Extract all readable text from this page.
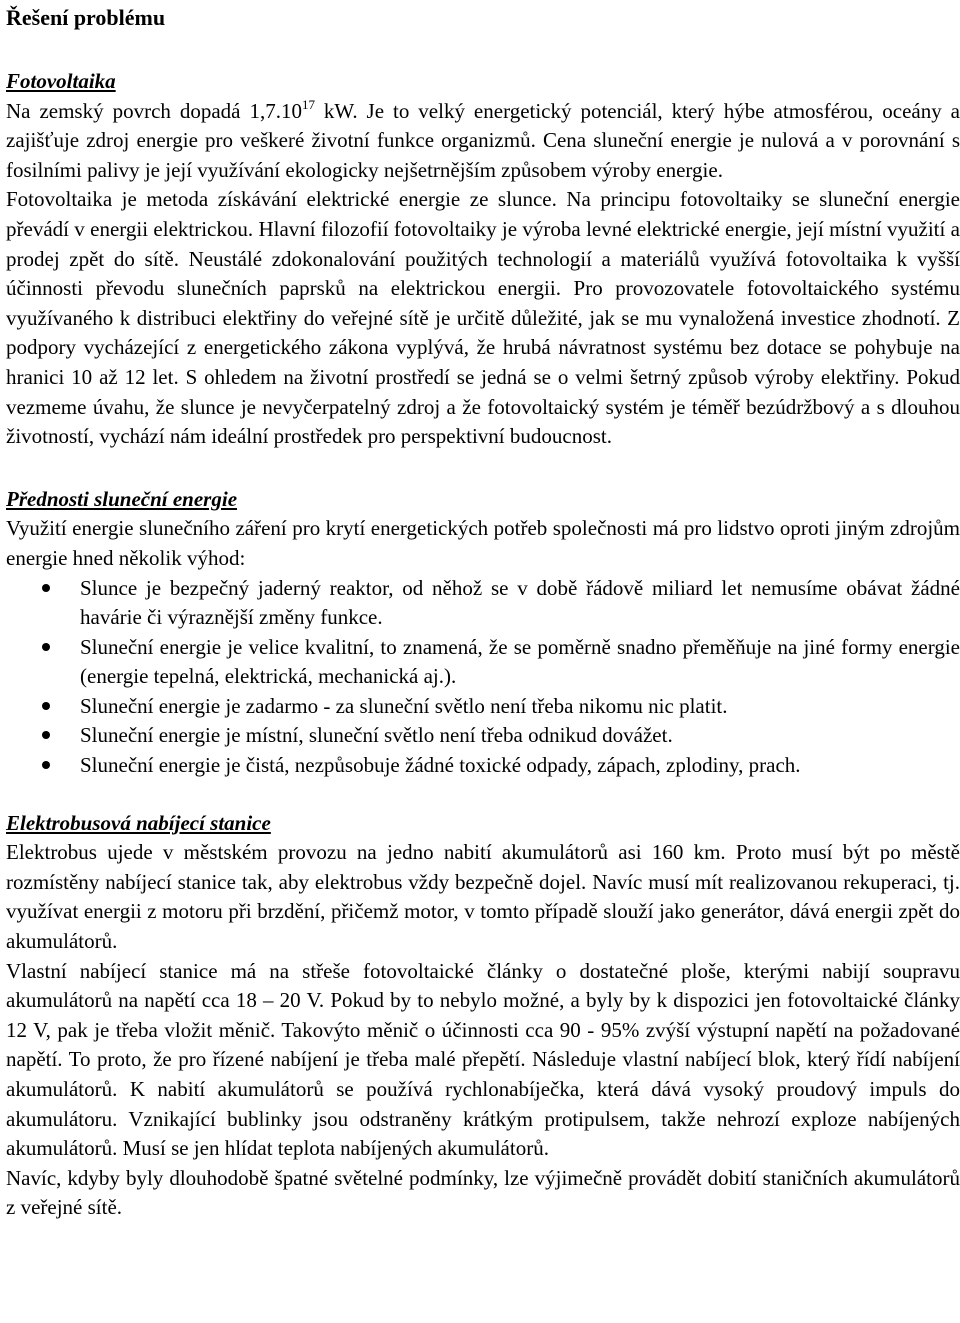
Řešení problému
Fotovoltaika

Na zemský povrch dopadá 1,7.10$^{17}$ kW. Je to velký energetický potenciál, který hýbe atmosférou, oceány a zajišťuje zdroj energie pro veškeré životní funkce organizmů. Cena sluneční energie je nulová a v porovnání s fosilními palivy je její využívání ekologicky nejšetrnějším způsobem výroby energie.

Fotovoltaika je metoda získávání elektrické energie ze slunce. Na principu fotovoltaiky se sluneční energie převádí v energii elektrickou. Hlavní filozofií fotovoltaiky je výroba levné elektrické energie, její místní využití a prodej zpět do sítě. Neustálé zdokonalování použitých technologií a materiálů využívá fotovoltaika k vyšší účinnosti převodu slunečních paprsků na elektrickou energii. Pro provozovatele fotovoltaického systému využívaného k distribuci elektřiny do veřejné sítě je určitě důležité, jak se mu vynaložená investice zhodnotí. Z podpory vycházející z energetického zákona vyplývá, že hrubá návratnost systému bez dotace se pohybuje na hranici 10 až 12 let. S ohledem na životní prostředí se jedná se o velmi šetrný způsob výroby elektřiny. Pokud vezmeme úvahu, že slunce je nevyčerpatelný zdroj a že fotovoltaický systém je téměř bezúdržbový a s dlouhou životností, vychází nám ideální prostředek pro perspektivní budoucnost.

Přednosti sluneční energie

Využití energie slunečního záření pro krytí energetických potřeb společnosti má pro lidstvo oproti jiným zdrojům energie hned několik výhod:

Slunce je bezpečný jaderný reaktor, od něhož se v době řádově miliard let nemusíme obávat žádné havárie či výraznější změny funkce.
Sluneční energie je velice kvalitní, to znamená, že se poměrně snadno přeměňuje na jiné formy energie (energie tepelná, elektrická, mechanická aj.).
Sluneční energie je zadarmo - za sluneční světlo není třeba nikomu nic platit.
Sluneční energie je místní, sluneční světlo není třeba odnikud dovážet.
Sluneční energie je čistá, nezpůsobuje žádné toxické odpady, zápach, zplodiny, prach.
Elektrobusová nabíjecí stanice

Elektrobus ujede v městském provozu na jedno nabití akumulátorů asi 160 km. Proto musí být po městě rozmístěny nabíjecí stanice tak, aby elektrobus vždy bezpečně dojel. Navíc musí mít realizovanou rekuperaci, tj. využívat energii z motoru při brzdění, přičemž motor, v tomto případě slouží jako generátor, dává energii zpět do akumulátorů.

Vlastní nabíjecí stanice má na střeše fotovoltaické články o dostatečné ploše, kterými nabijí soupravu akumulátorů na napětí cca 18 – 20 V. Pokud by to nebylo možné, a byly by k dispozici jen fotovoltaické články 12 V, pak je třeba vložit měnič. Takovýto měnič o účinnosti cca 90 - 95% zvýší výstupní napětí na požadované napětí. To proto, že pro řízené nabíjení je třeba malé přepětí. Následuje vlastní nabíjecí blok, který řídí nabíjení akumulátorů. K nabití akumulátorů se používá rychlonabíječka, která dává vysoký proudový impuls do akumulátoru. Vznikající bublinky jsou odstraněny krátkým protipulsem, takže nehrozí exploze nabíjených akumulátorů. Musí se jen hlídat teplota nabíjených akumulátorů.

Navíc, kdyby byly dlouhodobě špatné světelné podmínky, lze výjimečně provádět dobití staničních akumulátorů z veřejné sítě.
